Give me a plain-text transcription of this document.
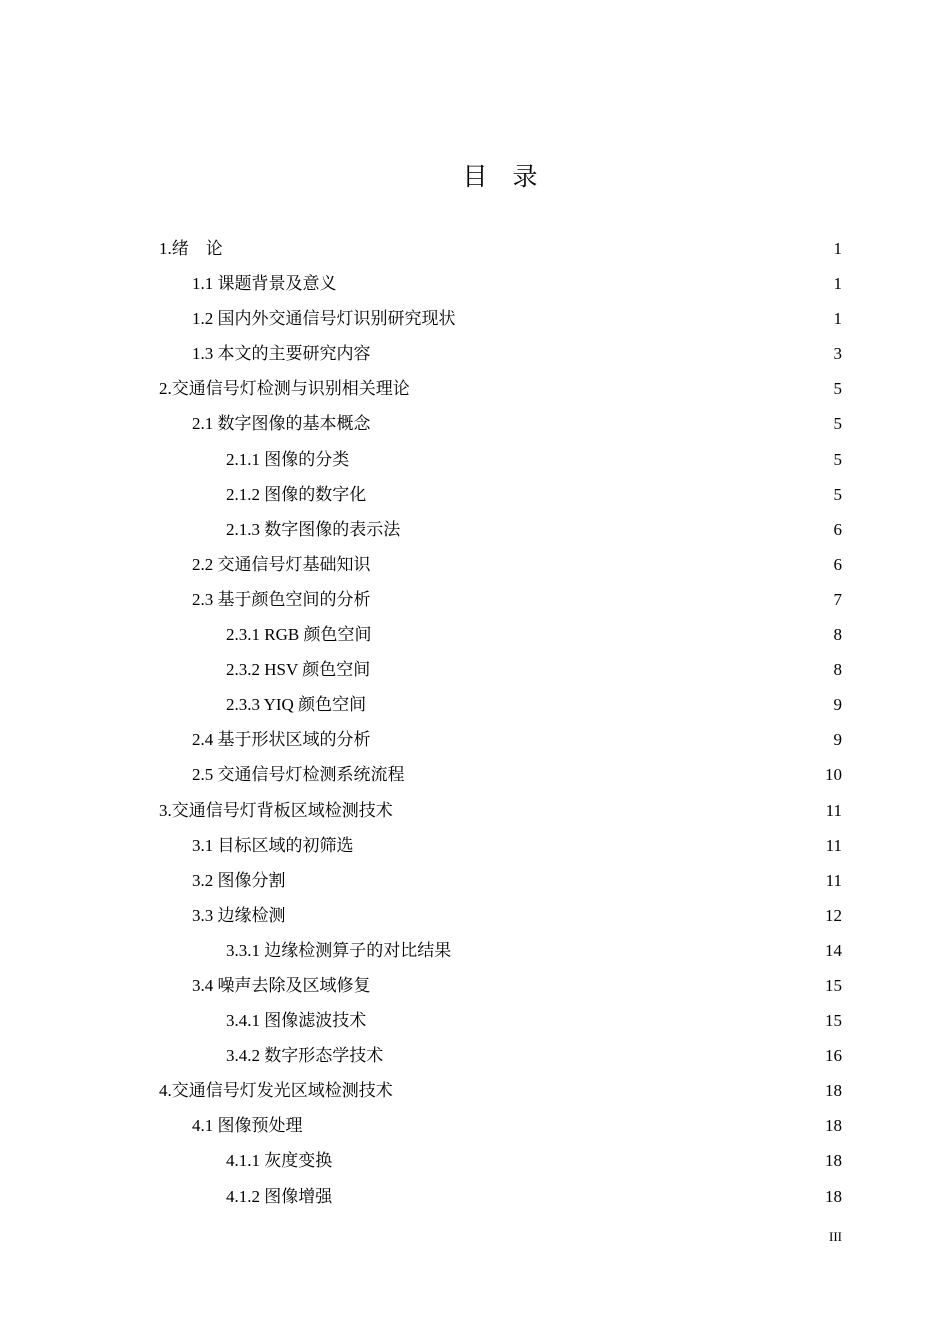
目　录
1.绪　论	1
1.1 课题背景及意义	1
1.2 国内外交通信号灯识别研究现状	1
1.3 本文的主要研究内容	3
2.交通信号灯检测与识别相关理论	5
2.1 数字图像的基本概念	5
2.1.1 图像的分类	5
2.1.2 图像的数字化	5
2.1.3 数字图像的表示法	6
2.2 交通信号灯基础知识	6
2.3 基于颜色空间的分析	7
2.3.1 RGB 颜色空间	8
2.3.2 HSV 颜色空间	8
2.3.3 YIQ 颜色空间	9
2.4 基于形状区域的分析	9
2.5 交通信号灯检测系统流程	10
3.交通信号灯背板区域检测技术	11
3.1 目标区域的初筛选	11
3.2 图像分割	11
3.3 边缘检测	12
3.3.1 边缘检测算子的对比结果	14
3.4 噪声去除及区域修复	15
3.4.1 图像滤波技术	15
3.4.2 数字形态学技术	16
4.交通信号灯发光区域检测技术	18
4.1 图像预处理	18
4.1.1 灰度变换	18
4.1.2 图像增强	18
III
